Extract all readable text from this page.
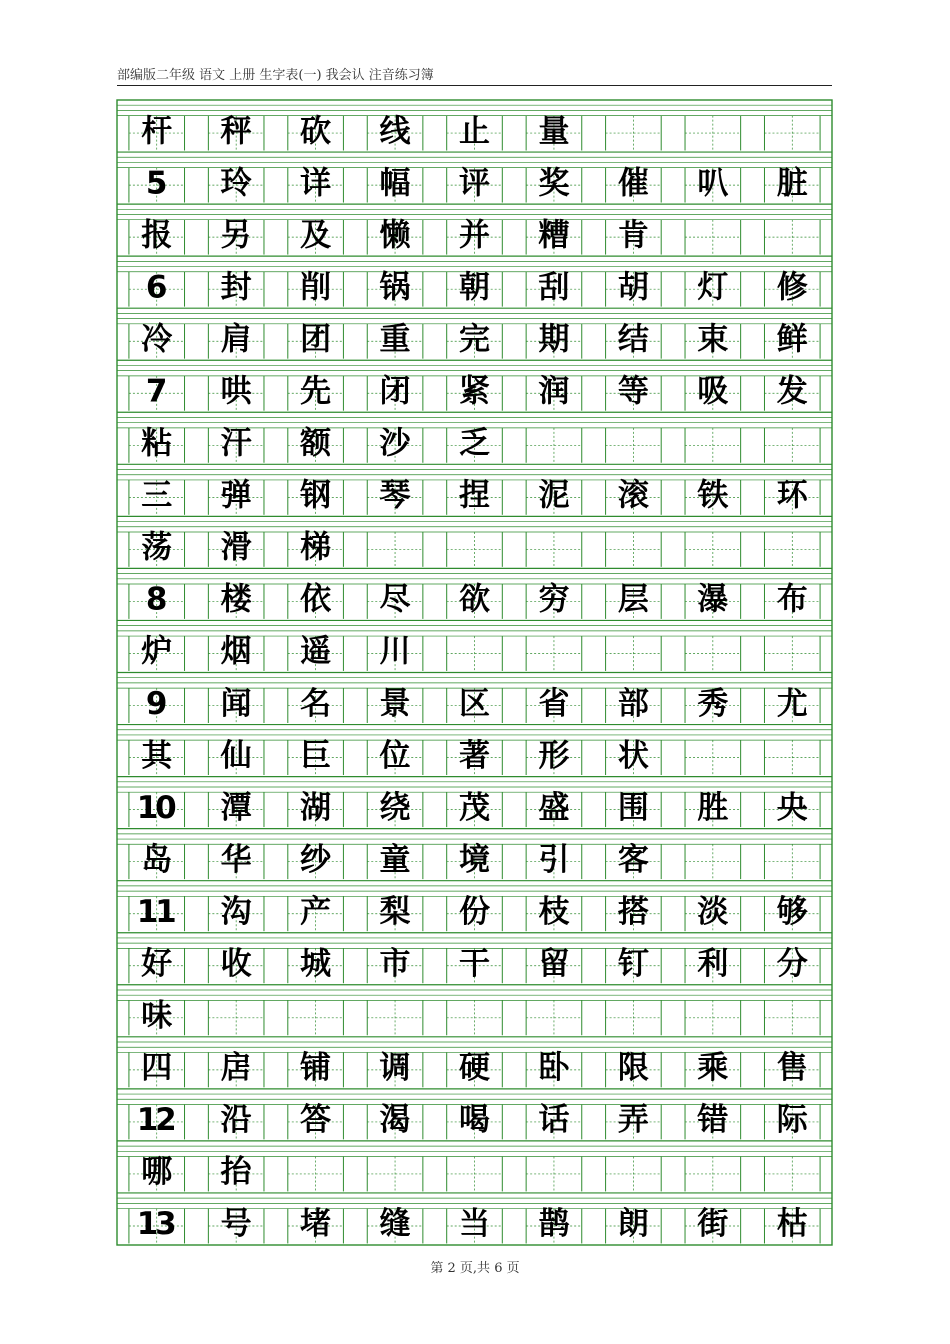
部编版二年级 语文 上册 生字表(一) 我会认 注音练习簿
杆 秤 砍 线 止 量
5 玲 详 幅 评 奖 催 叭 脏
报 另 及 懒 并 糟 肯
6 封 削 锅 朝 刮 胡 灯 修
冷 肩 团 重 完 期 结 束 鲜
7 哄 先 闭 紧 润 等 吸 发
粘 汗 额 沙 乏
三 弹 钢 琴 捏 泥 滚 铁 环
荡 滑 梯
8 楼 依 尽 欲 穷 层 瀑 布
炉 烟 遥 川
9 闻 名 景 区 省 部 秀 尤
其 仙 巨 位 著 形 状
10 潭 湖 绕 茂 盛 围 胜 央
岛 华 纱 童 境 引 客
11 沟 产 梨 份 枝 搭 淡 够
好 收 城 市 干 留 钉 利 分
味
四 扂 铺 调 硬 卧 限 乘 售
12 沿 答 渴 喝 话 弄 错 际
哪 抬
13 号 堵 缝 当 鹊 朗 街 枯
第 2 页,共 6 页
